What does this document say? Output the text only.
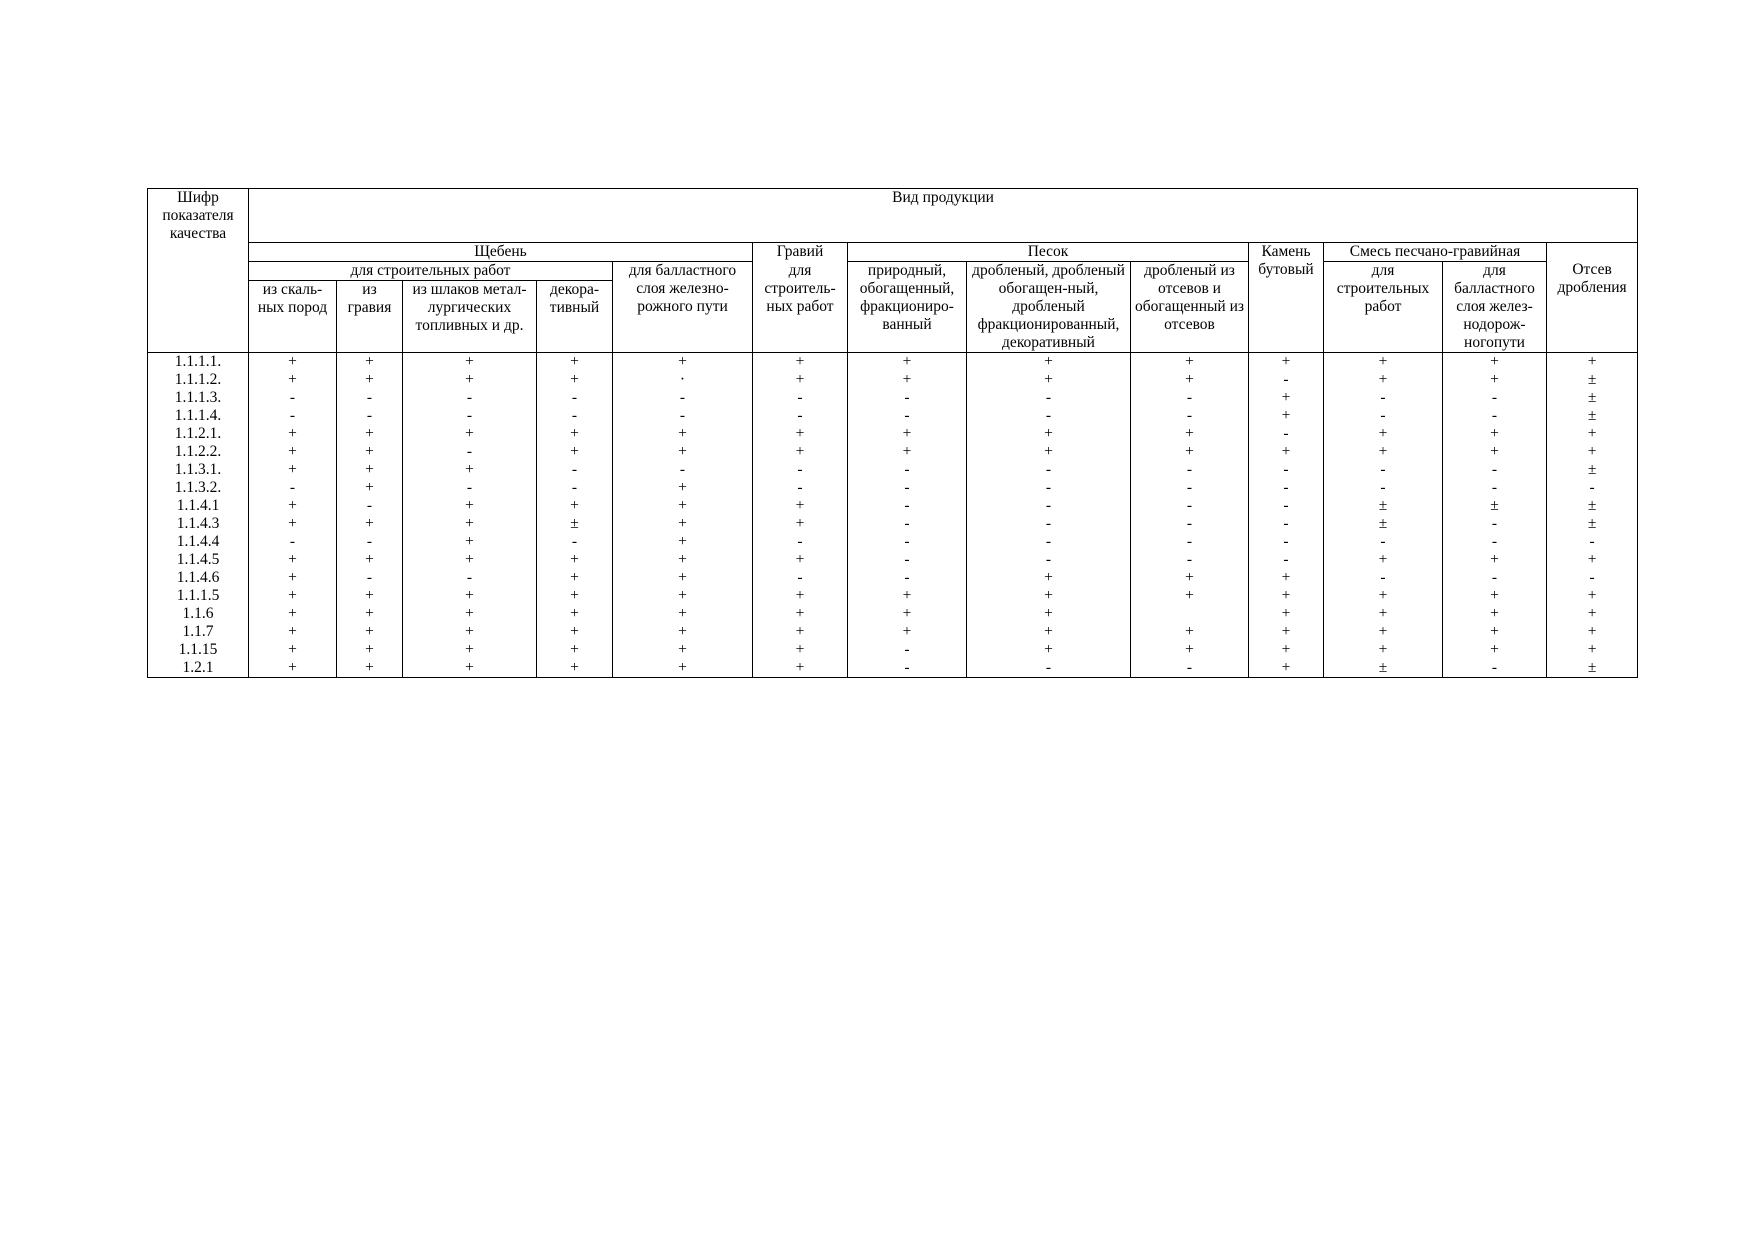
Шифр показателя качества	Вид продукции												
	Щебень					Гравий	Песок			Камень бутовый	Смесь песчано-гравийная		Отсев дробления
	для строительных работ				для балластного слоя железно-рожного пути	для строитель-ных работ	природный, обогащенный, фракциониро-ванный	дробленый, дробленый обогащен-ный, дробленый фракционированный, декоративный	дробленый из отсевов и обогащенный из отсевов		для строительных работ	для балластного слоя желез-нодорож-ногопути	
	из скаль-ных пород	из гравия	из шлаков метал-лургических топливных и др.	декора-тивный									
1.1.1.1.	+	+	+	+	+	+	+	+	+	+	+	+	+
1.1.1.2.	+	+	+	+	·	+	+	+	+	-	+	+	±
1.1.1.3.	-	-	-	-	-	-	-	-	-	+	-	-	±
1.1.1.4.	-	-	-	-	-	-	-	-	-	+	-	-	±
1.1.2.1.	+	+	+	+	+	+	+	+	+	-	+	+	+
1.1.2.2.	+	+	-	+	+	+	+	+	+	+	+	+	+
1.1.3.1.	+	+	+	-	-	-	-	-	-	-	-	-	±
1.1.3.2.	-	+	-	-	+	-	-	-	-	-	-	-	-
1.1.4.1	+	-	+	+	+	+	-	-	-	-	±	±	±
1.1.4.3	+	+	+	±	+	+	-	-	-	-	±	-	±
1.1.4.4	-	-	+	-	+	-	-	-	-	-	-	-	-
1.1.4.5	+	+	+	+	+	+	-	-	-	-	+	+	+
1.1.4.6	+	-	-	+	+	-	-	+	+	+	-	-	-
1.1.1.5	+	+	+	+	+	+	+	+	+	+	+	+	+
1.1.6	+	+	+	+	+	+	+	+		+	+	+	+
1.1.7	+	+	+	+	+	+	+	+	+	+	+	+	+
1.1.15	+	+	+	+	+	+	-	+	+	+	+	+	+
1.2.1	+	+	+	+	+	+	-	-	-	+	±	-	±
